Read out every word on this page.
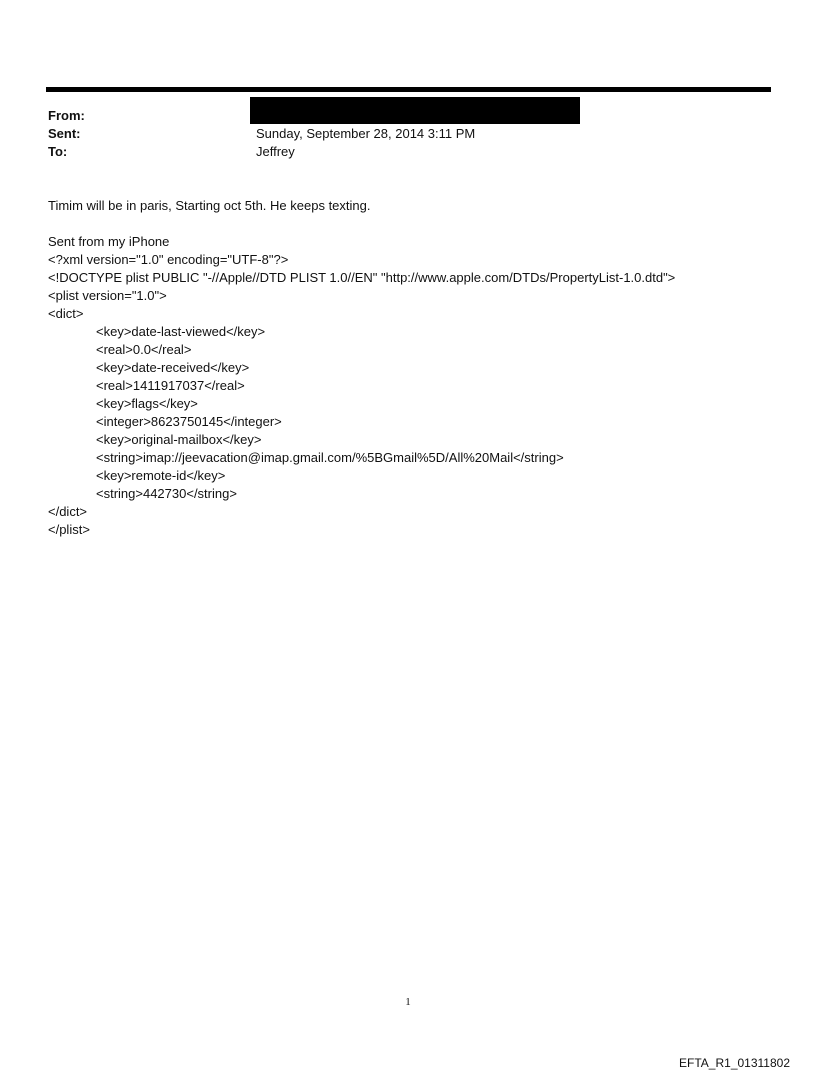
From:
Sent:	Sunday, September 28, 2014 3:11 PM
To:	Jeffrey
Timim will be in paris, Starting oct 5th. He keeps texting.
Sent from my iPhone
<?xml version="1.0" encoding="UTF-8"?>
<!DOCTYPE plist PUBLIC "-//Apple//DTD PLIST 1.0//EN" "http://www.apple.com/DTDs/PropertyList-1.0.dtd">
<plist version="1.0">
<dict>
<key>date-last-viewed</key>
<real>0.0</real>
<key>date-received</key>
<real>1411917037</real>
<key>flags</key>
<integer>8623750145</integer>
<key>original-mailbox</key>
<string>imap://jeevacation@imap.gmail.com/%5BGmail%5D/All%20Mail</string>
<key>remote-id</key>
<string>442730</string>
</dict>
</plist>
1
EFTA_R1_01311802
